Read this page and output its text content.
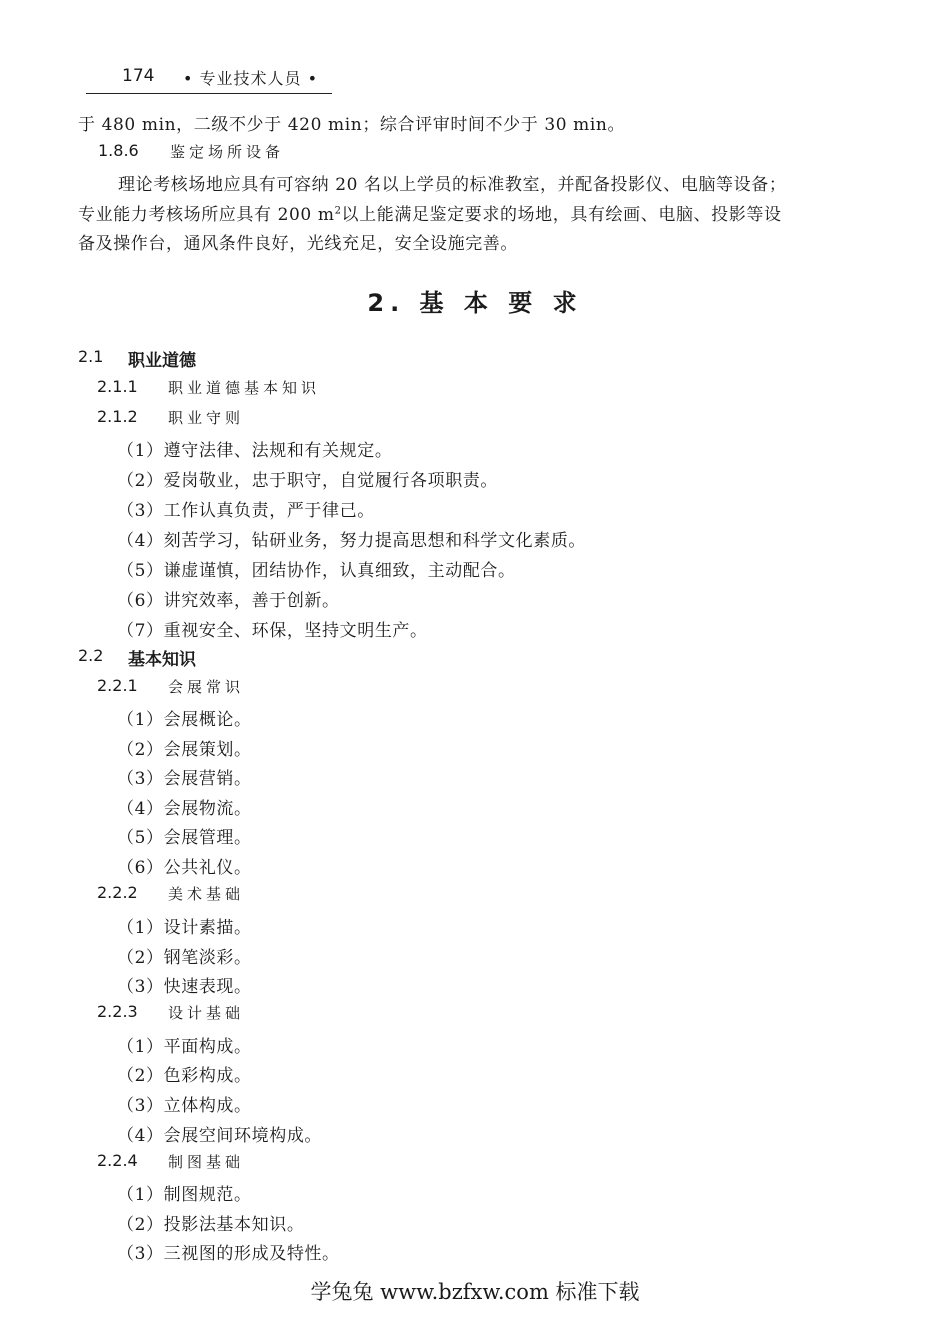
174 • 专业技术人员 •
于 480 min，二级不少于 420 min；综合评审时间不少于 30 min。
1.8.6 鉴定场所设备
理论考核场地应具有可容纳 20 名以上学员的标准教室，并配备投影仪、电脑等设备；
专业能力考核场所应具有 200 $m^2$以上能满足鉴定要求的场地，具有绘画、电脑、投影等设
备及操作台，通风条件良好，光线充足，安全设施完善。
2. 基 本 要 求
2.1 职业道德
2.1.1 职业道德基本知识
2.1.2 职业守则
（1）遵守法律、法规和有关规定。
（2）爱岗敬业，忠于职守，自觉履行各项职责。
（3）工作认真负责，严于律己。
（4）刻苦学习，钻研业务，努力提高思想和科学文化素质。
（5）谦虚谨慎，团结协作，认真细致，主动配合。
（6）讲究效率，善于创新。
（7）重视安全、环保，坚持文明生产。
2.2 基本知识
2.2.1 会展常识
（1）会展概论。
（2）会展策划。
（3）会展营销。
（4）会展物流。
（5）会展管理。
（6）公共礼仪。
2.2.2 美术基础
（1）设计素描。
（2）钢笔淡彩。
（3）快速表现。
2.2.3 设计基础
（1）平面构成。
（2）色彩构成。
（3）立体构成。
（4）会展空间环境构成。
2.2.4 制图基础
（1）制图规范。
（2）投影法基本知识。
（3）三视图的形成及特性。
学兔兔 www.bzfxw.com 标准下载
